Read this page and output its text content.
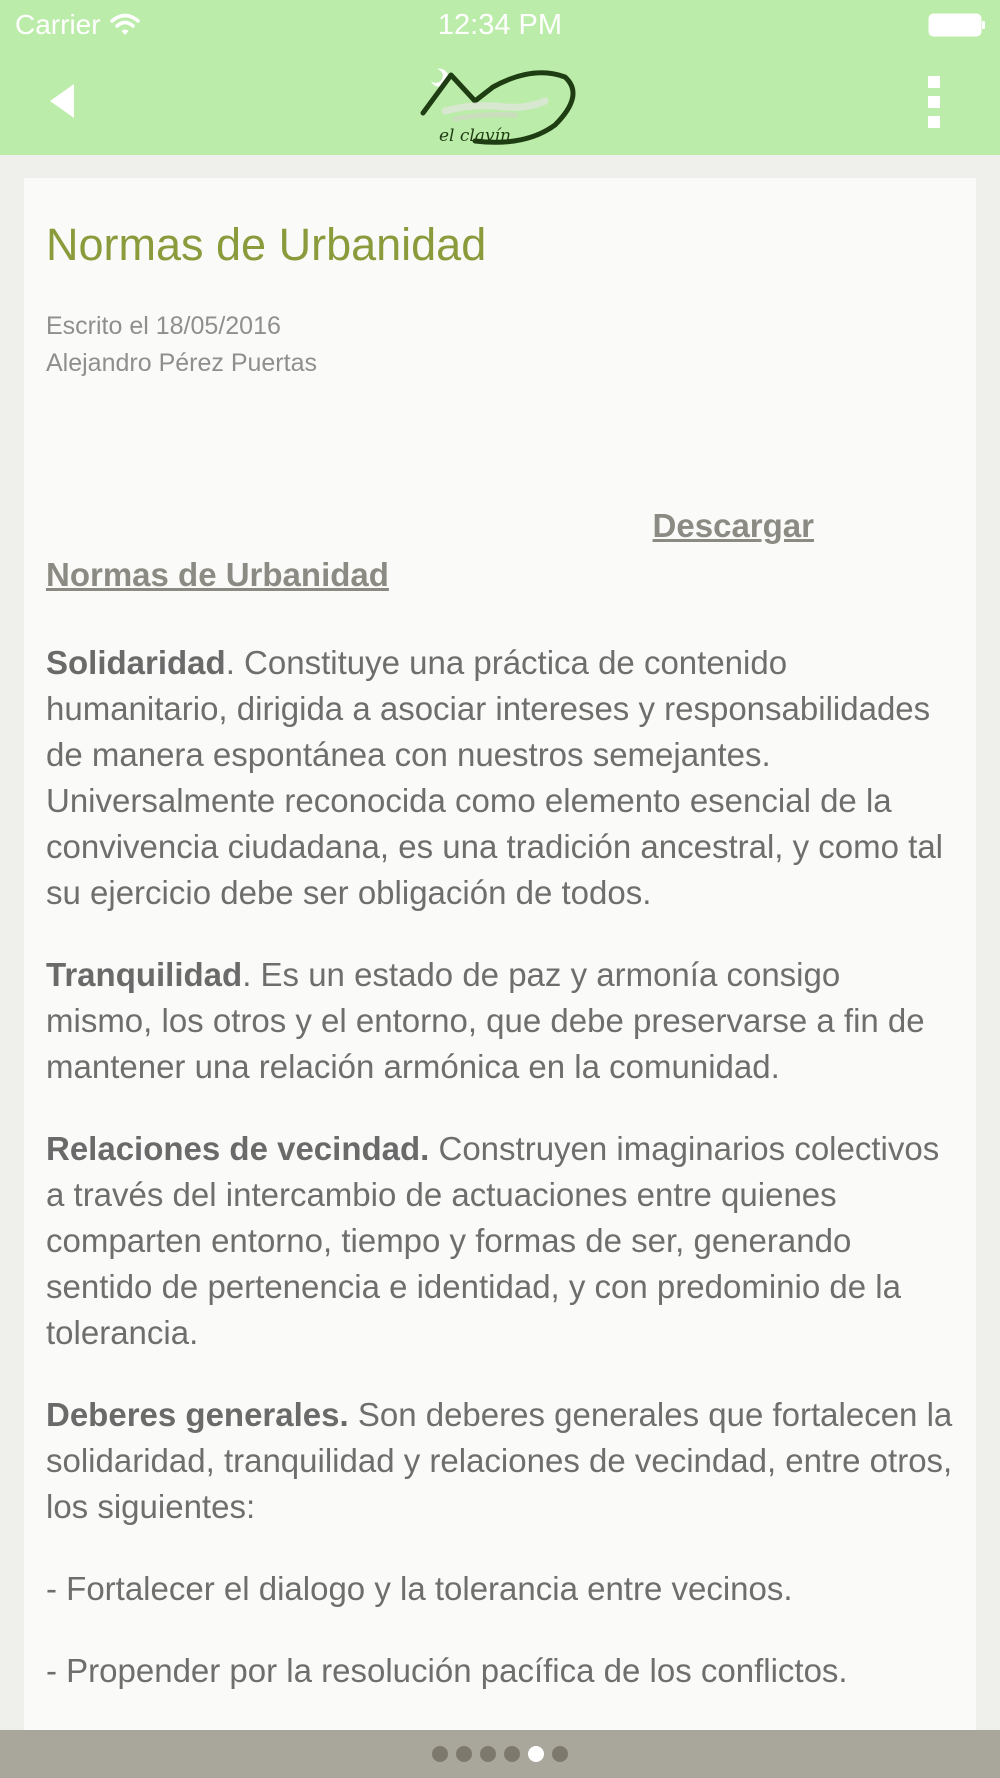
Carrier	12:34 PM
el clavín
Normas de Urbanidad
Escrito el 18/05/2016
Alejandro Pérez Puertas
Descargar
Normas de Urbanidad

Solidaridad. Constituye una práctica de contenido humanitario, dirigida a asociar intereses y responsabilidades de manera espontánea con nuestros semejantes. Universalmente reconocida como elemento esencial de la convivencia ciudadana, es una tradición ancestral, y como tal su ejercicio debe ser obligación de todos.

Tranquilidad. Es un estado de paz y armonía consigo mismo, los otros y el entorno, que debe preservarse a fin de mantener una relación armónica en la comunidad.

Relaciones de vecindad. Construyen imaginarios colectivos a través del intercambio de actuaciones entre quienes comparten entorno, tiempo y formas de ser, generando sentido de pertenencia e identidad, y con predominio de la tolerancia.

Deberes generales. Son deberes generales que fortalecen la solidaridad, tranquilidad y relaciones de vecindad, entre otros, los siguientes:

- Fortalecer el dialogo y la tolerancia entre vecinos.

- Propender por la resolución pacífica de los conflictos.
